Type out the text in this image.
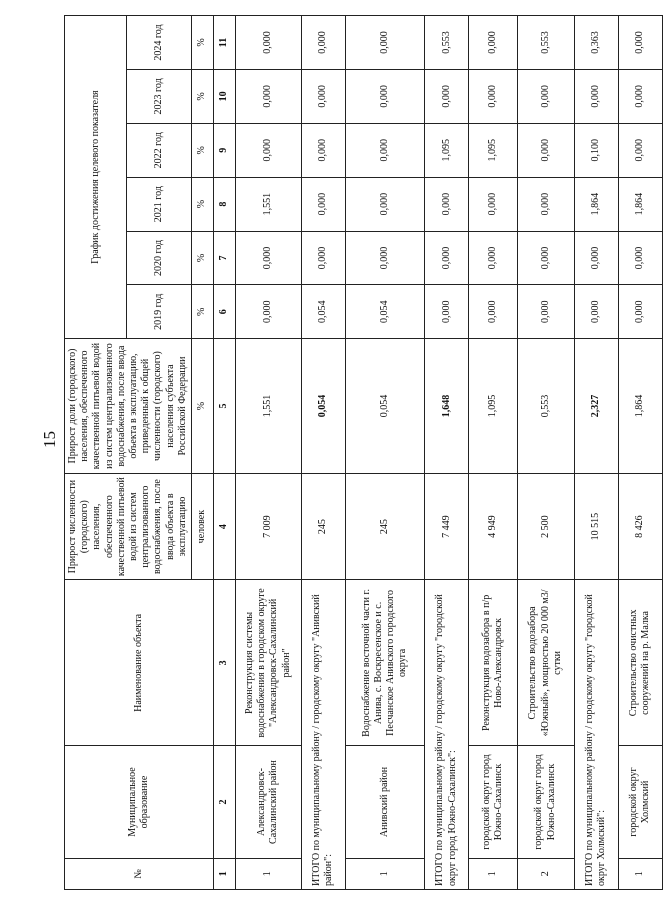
15
№	Муниципальное образование	Наименование объекта	Прирост численности (городского) населения, обеспеченного качественной питьевой водой из систем централизованного водоснабжения, после ввода объекта в эксплуатацию	Прирост доли (городского) населения, обеспеченного качественной питьевой водой из систем централизованного водоснабжения, после ввода объекта в эксплуатацию, приведенный к общей численности (городского) населения субъекта Российской Федерации	График достижения целевого показателя					
					2019 год	2020 год	2021 год	2022 год	2023 год	2024 год
			человек	%	%	%	%	%	%	%
1	2	3	4	5	6	7	8	9	10	11
1	Александровск-Сахалинский район	Реконструкция системы водоснабжения в городском округе "Александровск-Сахалинский район"	7 009	1,551	0,000	0,000	1,551	0,000	0,000	0,000
ИТОГО по муниципальному району / городскому округу "Анивский район":			245	0,054	0,054	0,000	0,000	0,000	0,000	0,000
1	Анивский район	Водоснабжение восточной части г. Анива, с. Воскресенское и с. Песчанское Анивского городского округа	245	0,054	0,054	0,000	0,000	0,000	0,000	0,000
ИТОГО по муниципальному району / городскому округу "городской округ город Южно-Сахалинск":			7 449	1,648	0,000	0,000	0,000	1,095	0,000	0,553
1	городской округ город Южно-Сахалинск	Реконструкция водозабора в п/р Ново-Александровск	4 949	1,095	0,000	0,000	0,000	1,095	0,000	0,000
2	городской округ город Южно-Сахалинск	Строительство водозабора «Южный», мощностью 20 000 м3/сутки	2 500	0,553	0,000	0,000	0,000	0,000	0,000	0,553
ИТОГО по муниципальному району / городскому округу "городской округ Холмский":			10 515	2,327	0,000	0,000	1,864	0,100	0,000	0,363
1	городской округ Холмский	Строительство очистных сооружений на р. Малка	8 426	1,864	0,000	0,000	1,864	0,000	0,000	0,000
